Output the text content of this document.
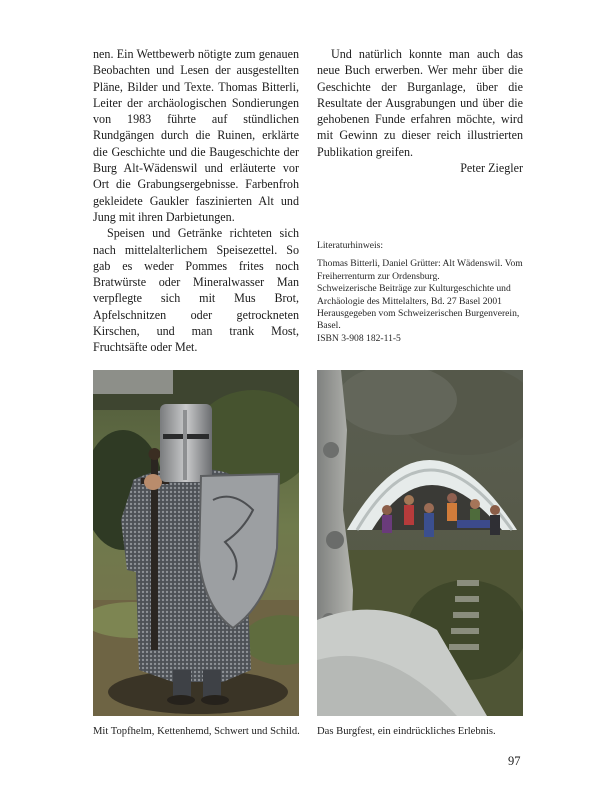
nen. Ein Wettbewerb nötigte zum genauen Beobachten und Lesen der ausgestellten Pläne, Bilder und Texte. Thomas Bitterli, Leiter der archäologischen Sondierungen von 1983 führte auf stündlichen Rundgängen durch die Ruinen, erklärte die Geschichte und die Baugeschichte der Burg Alt-Wädenswil und erläuterte vor Ort die Grabungsergebnisse. Farbenfroh gekleidete Gaukler faszinierten Alt und Jung mit ihren Darbietungen.

Speisen und Getränke richteten sich nach mittelalterlichem Speisezettel. So gab es weder Pommes frites noch Bratwürste oder Mineralwasser Man verpflegte sich mit Mus Brot, Apfelschnitzen oder getrockneten Kirschen, und man trank Most, Fruchtsäfte oder Met.

Und natürlich konnte man auch das neue Buch erwerben. Wer mehr über die Geschichte der Burganlage, über die Resultate der Ausgrabungen und über die gehobenen Funde erfahren möchte, wird mit Gewinn zu dieser reich illustrierten Publikation greifen.

Peter Ziegler

Literaturhinweis:
Thomas Bitterli, Daniel Grütter: Alt Wädenswil. Vom Freiherrenturm zur Ordensburg.
Schweizerische Beiträge zur Kulturgeschichte und Archäologie des Mittelalters, Bd. 27 Basel 2001
Herausgegeben vom Schweizerischen Burgenverein, Basel.
ISBN 3-908 182-11-5
Mit Topfhelm, Kettenhemd, Schwert und Schild. Das Burgfest, ein eindrückliches Erlebnis.
97
